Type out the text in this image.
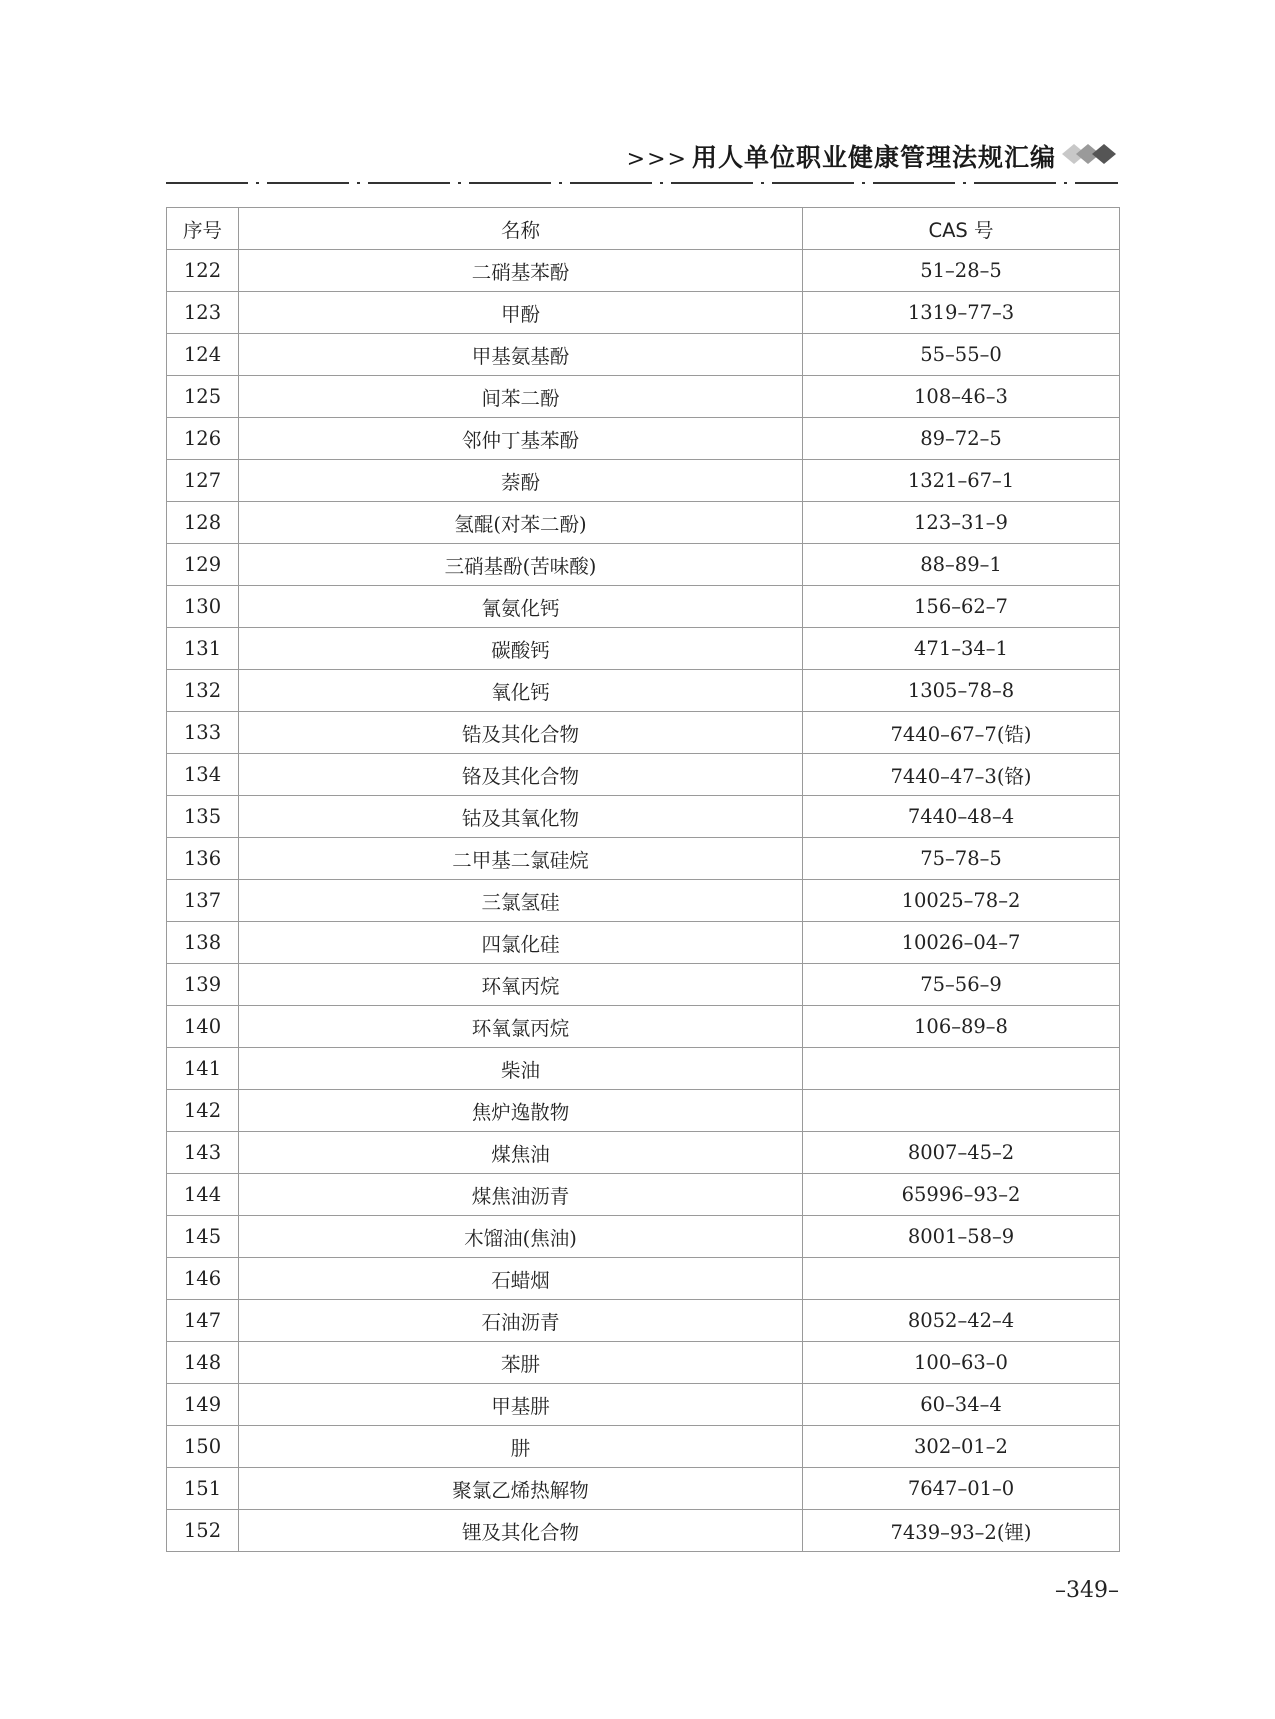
>>> 用人单位职业健康管理法规汇编
序号	名称	CAS 号
122	二硝基苯酚	51–28–5
123	甲酚	1319–77–3
124	甲基氨基酚	55–55–0
125	间苯二酚	108–46–3
126	邻仲丁基苯酚	89–72–5
127	萘酚	1321–67–1
128	氢醌(对苯二酚)	123–31–9
129	三硝基酚(苦味酸)	88–89–1
130	氰氨化钙	156–62–7
131	碳酸钙	471–34–1
132	氧化钙	1305–78–8
133	锆及其化合物	7440–67–7(锆)
134	铬及其化合物	7440–47–3(铬)
135	钴及其氧化物	7440–48–4
136	二甲基二氯硅烷	75–78–5
137	三氯氢硅	10025–78–2
138	四氯化硅	10026–04–7
139	环氧丙烷	75–56–9
140	环氧氯丙烷	106–89–8
141	柴油	
142	焦炉逸散物	
143	煤焦油	8007–45–2
144	煤焦油沥青	65996–93–2
145	木馏油(焦油)	8001–58–9
146	石蜡烟	
147	石油沥青	8052–42–4
148	苯肼	100–63–0
149	甲基肼	60–34–4
150	肼	302–01–2
151	聚氯乙烯热解物	7647–01–0
152	锂及其化合物	7439–93–2(锂)
–349–
